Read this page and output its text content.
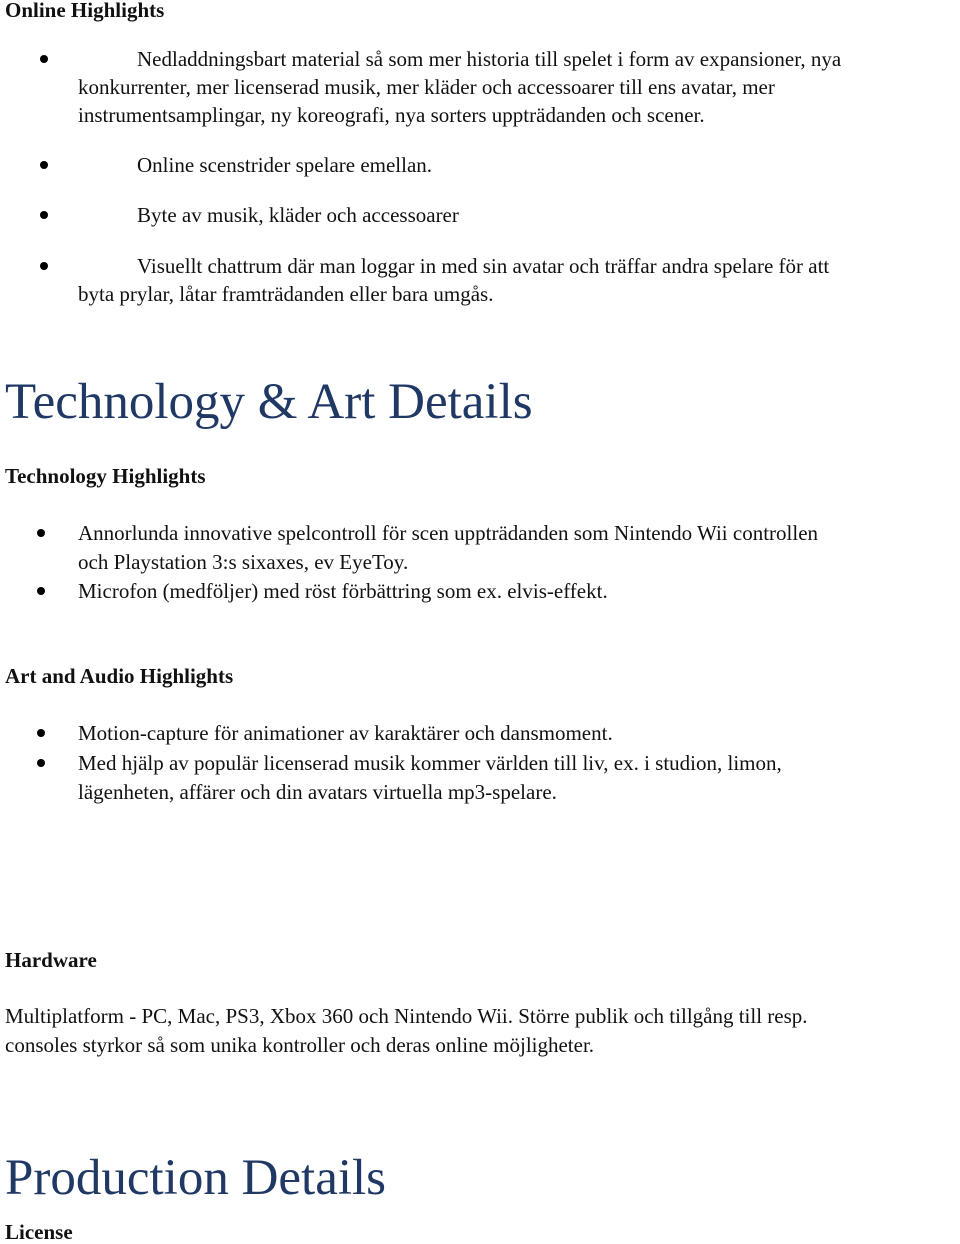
Online Highlights
Nedladdningsbart material så som mer historia till spelet i form av expansioner, nya
konkurrenter, mer licenserad musik, mer kläder och accessoarer till ens avatar, mer
instrumentsamplingar, ny koreografi, nya sorters uppträdanden och scener.
Online scenstrider spelare emellan.
Byte av musik, kläder och accessoarer
Visuellt chattrum där man loggar in med sin avatar och träffar andra spelare för att
byta prylar, låtar framträdanden eller bara umgås.
Technology & Art Details
Technology Highlights
Annorlunda innovative spelcontroll för scen uppträdanden som Nintendo Wii controllen
och Playstation 3:s sixaxes, ev EyeToy.
Microfon (medföljer) med röst förbättring som ex. elvis-effekt.
Art and Audio Highlights
Motion-capture för animationer av karaktärer och dansmoment.
Med hjälp av populär licenserad musik kommer världen till liv, ex. i studion, limon,
lägenheten, affärer och din avatars virtuella mp3-spelare.
Hardware
Multiplatform - PC, Mac, PS3, Xbox 360 och Nintendo Wii. Större publik och tillgång till resp.
consoles styrkor så som unika kontroller och deras online möjligheter.
Production Details
License
